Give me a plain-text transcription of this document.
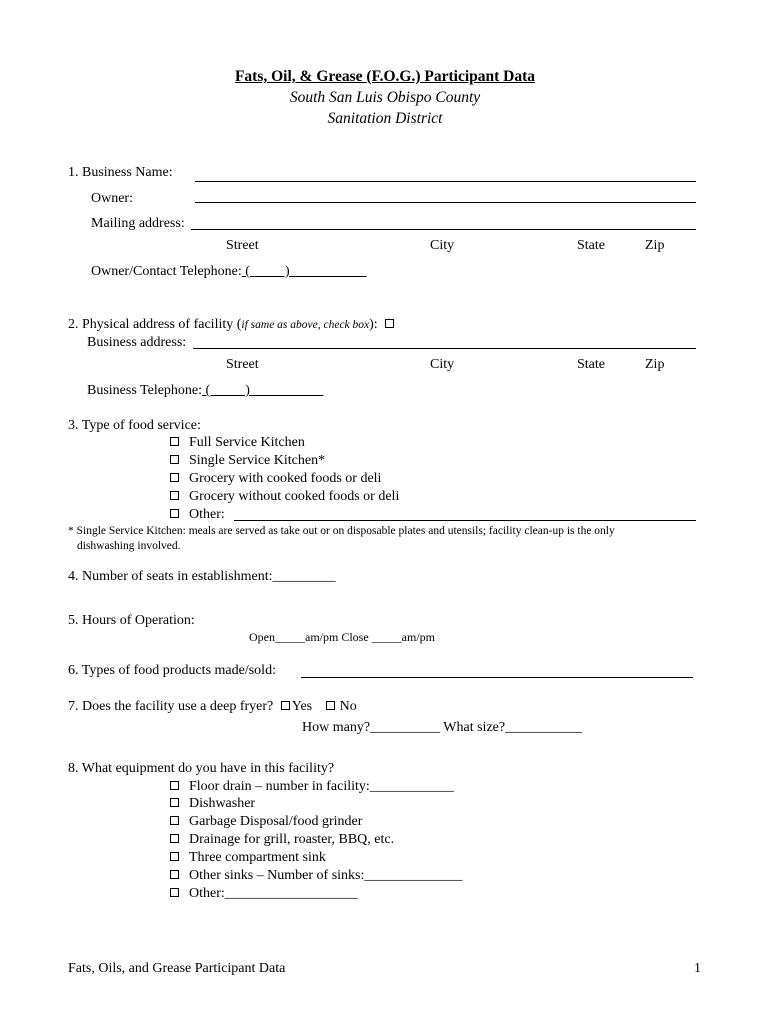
Fats, Oil, & Grease (F.O.G.) Participant Data
South San Luis Obispo County
Sanitation District
1. Business Name:
Owner:
Mailing address:
Street	City	State	Zip
Owner/Contact Telephone: (          )
2. Physical address of facility (if same as above, check box):
Business address:
Street	City	State	Zip
Business Telephone: (          )
3. Type of food service:
Full Service Kitchen
Single Service Kitchen*
Grocery with cooked foods or deli
Grocery without cooked foods or deli
Other:
* Single Service Kitchen: meals are served as take out or on disposable plates and utensils; facility clean-up is the only
dishwashing involved.
4. Number of seats in establishment:_________
5. Hours of Operation:
Open_____am/pm Close _____am/pm
6. Types of food products made/sold:
7. Does the facility use a deep fryer? Yes No
How many?__________ What size?___________
8. What equipment do you have in this facility?
Floor drain – number in facility:____________
Dishwasher
Garbage Disposal/food grinder
Drainage for grill, roaster, BBQ, etc.
Three compartment sink
Other sinks – Number of sinks:______________
Other:___________________
Fats, Oils, and Grease Participant Data	1
